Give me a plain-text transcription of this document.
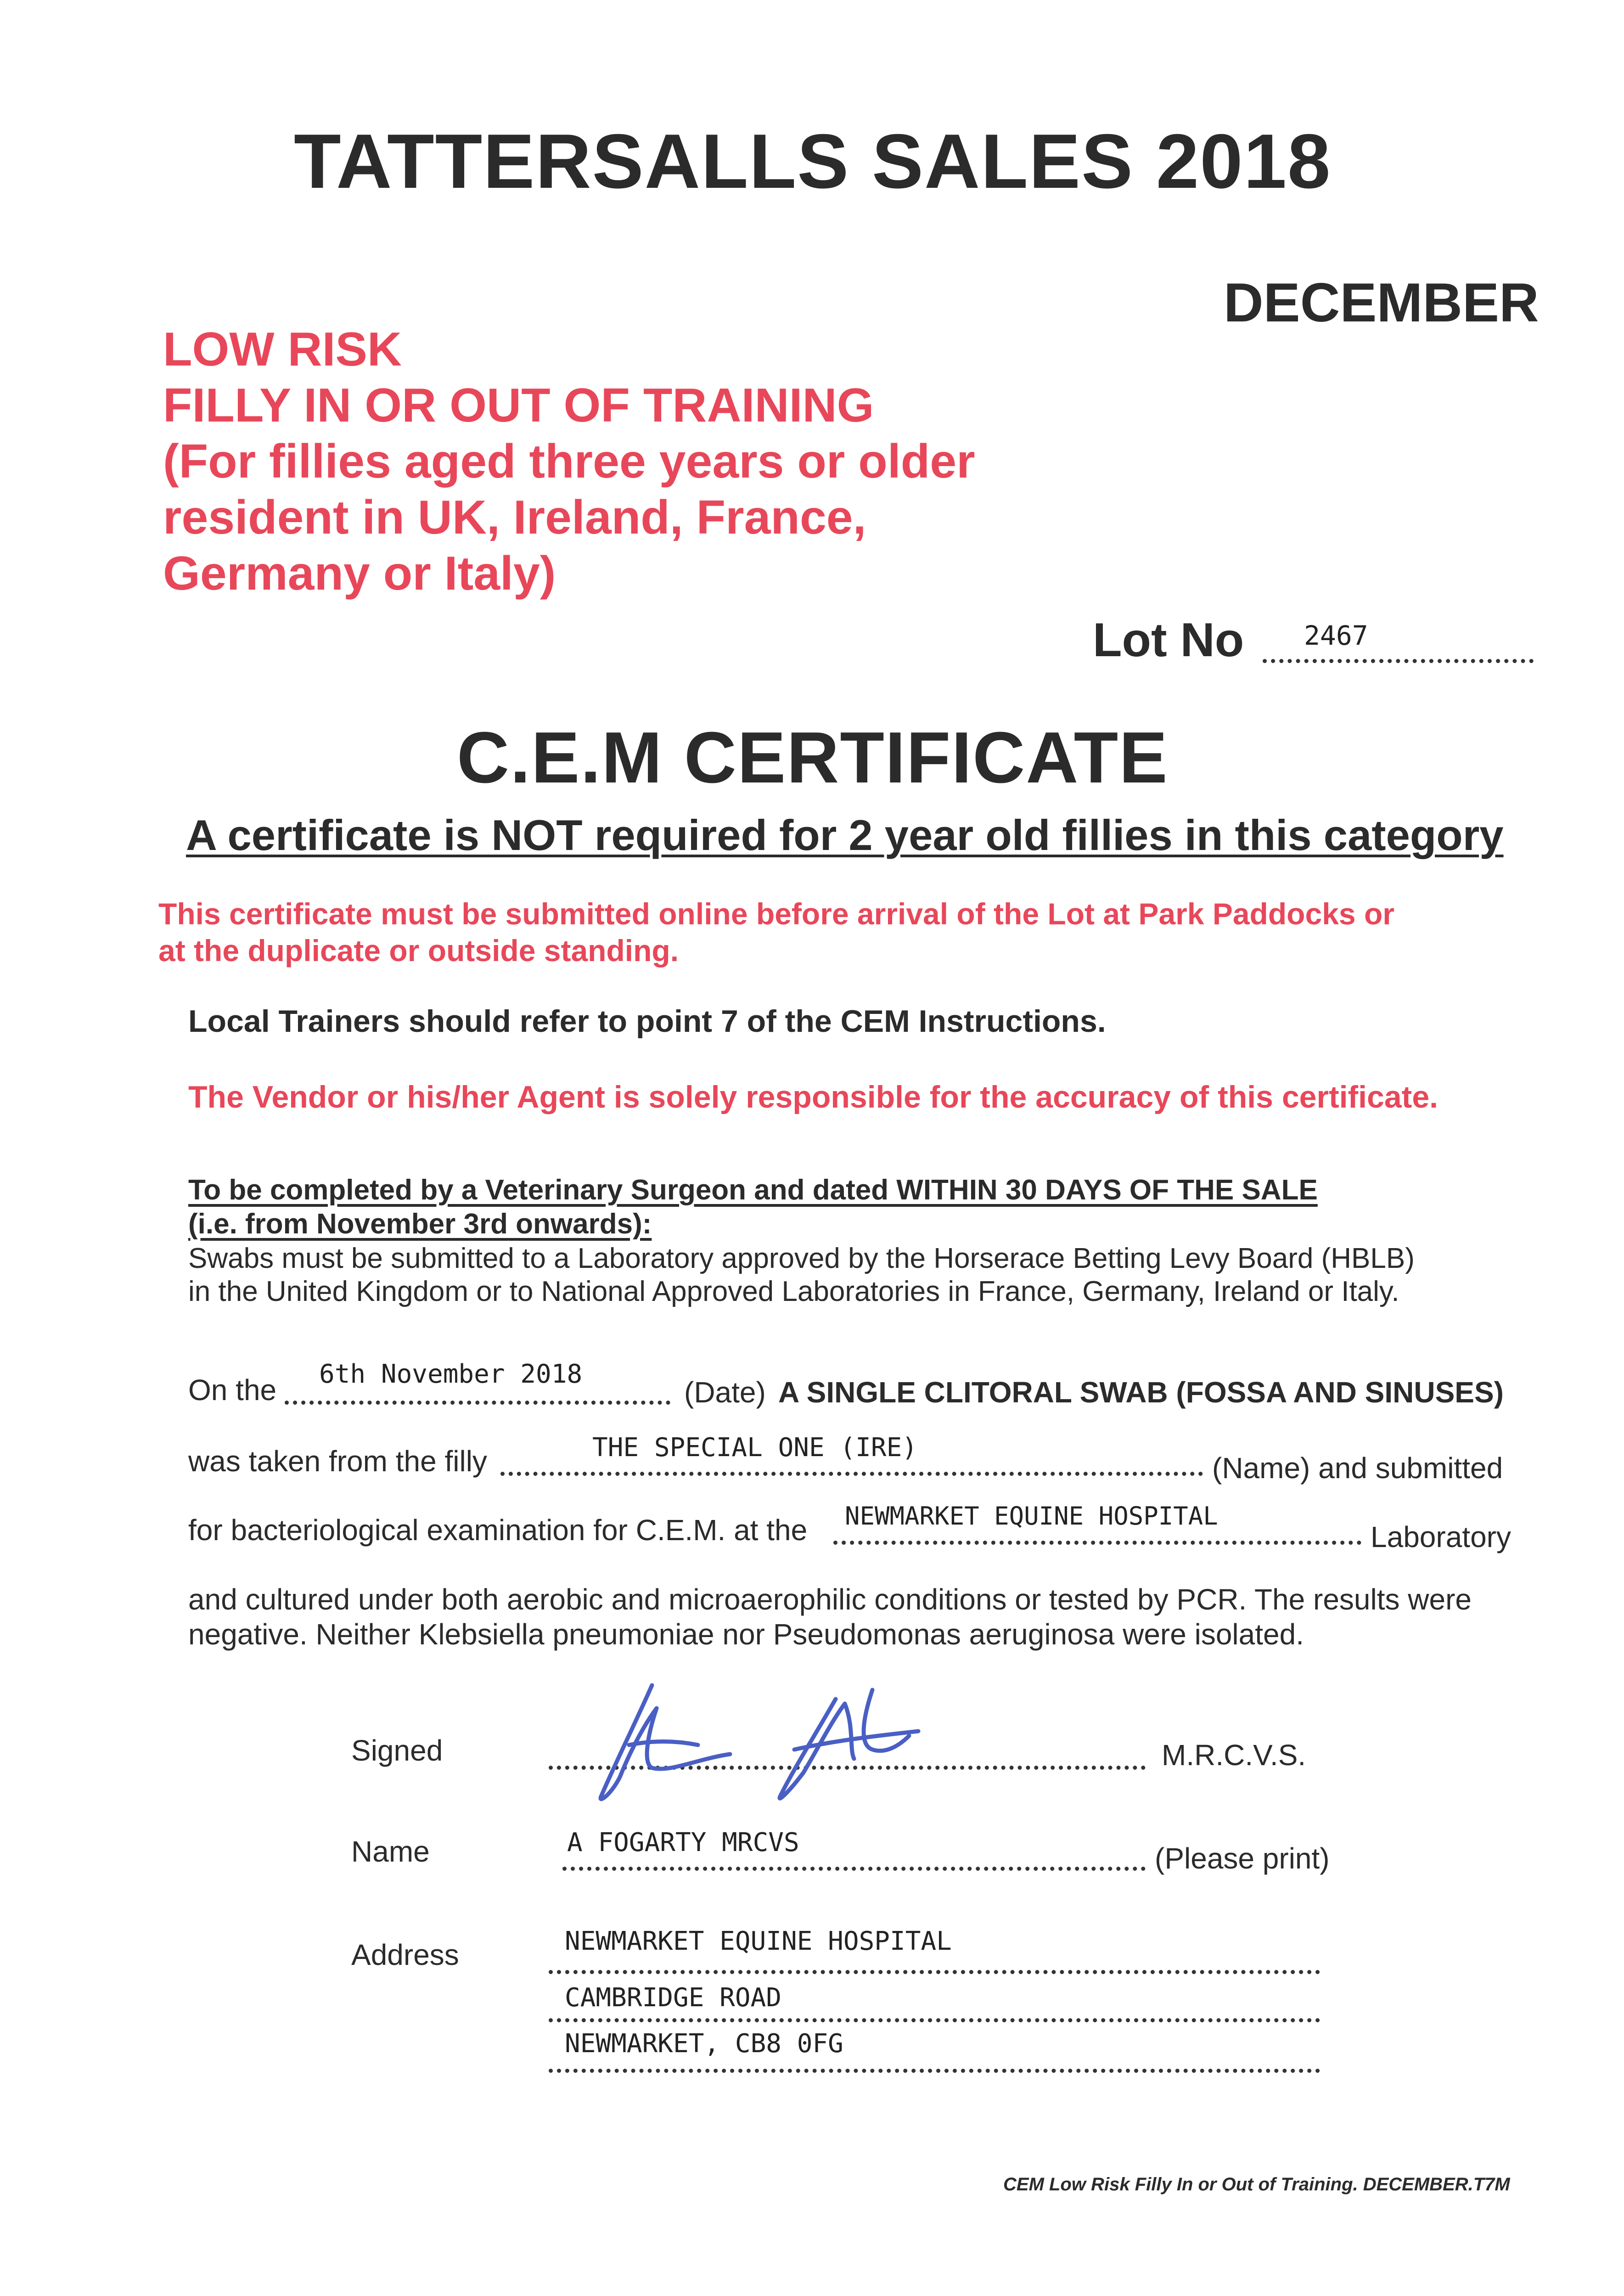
TATTERSALLS SALES 2018
DECEMBER
LOW RISK
FILLY IN OR OUT OF TRAINING
(For fillies aged three years or older
resident in UK, Ireland, France,
Germany or Italy)
Lot No 2467
C.E.M CERTIFICATE
A certificate is NOT required for 2 year old fillies in this category
This certificate must be submitted online before arrival of the Lot at Park Paddocks or
at the duplicate or outside standing.
Local Trainers should refer to point 7 of the CEM Instructions.
The Vendor or his/her Agent is solely responsible for the accuracy of this certificate.
To be completed by a Veterinary Surgeon and dated WITHIN 30 DAYS OF THE SALE
(i.e. from November 3rd onwards):
Swabs must be submitted to a Laboratory approved by the Horserace Betting Levy Board (HBLB)
in the United Kingdom or to National Approved Laboratories in France, Germany, Ireland or Italy.
On the 6th November 2018
(Date) A SINGLE CLITORAL SWAB (FOSSA AND SINUSES)
was taken from the filly	THE SPECIAL ONE (IRE)
(Name) and submitted
for bacteriological examination for C.E.M. at the NEWMARKET EQUINE HOSPITAL
Laboratory
and cultured under both aerobic and microaerophilic conditions or tested by PCR. The results were
negative. Neither Klebsiella pneumoniae nor Pseudomonas aeruginosa were isolated.
Signed	M.R.C.V.S.
Name	A FOGARTY MRCVS	(Please print)
Address	NEWMARKET EQUINE HOSPITAL
CAMBRIDGE ROAD
NEWMARKET, CB8 0FG
CEM Low Risk Filly In or Out of Training. DECEMBER.T7M
